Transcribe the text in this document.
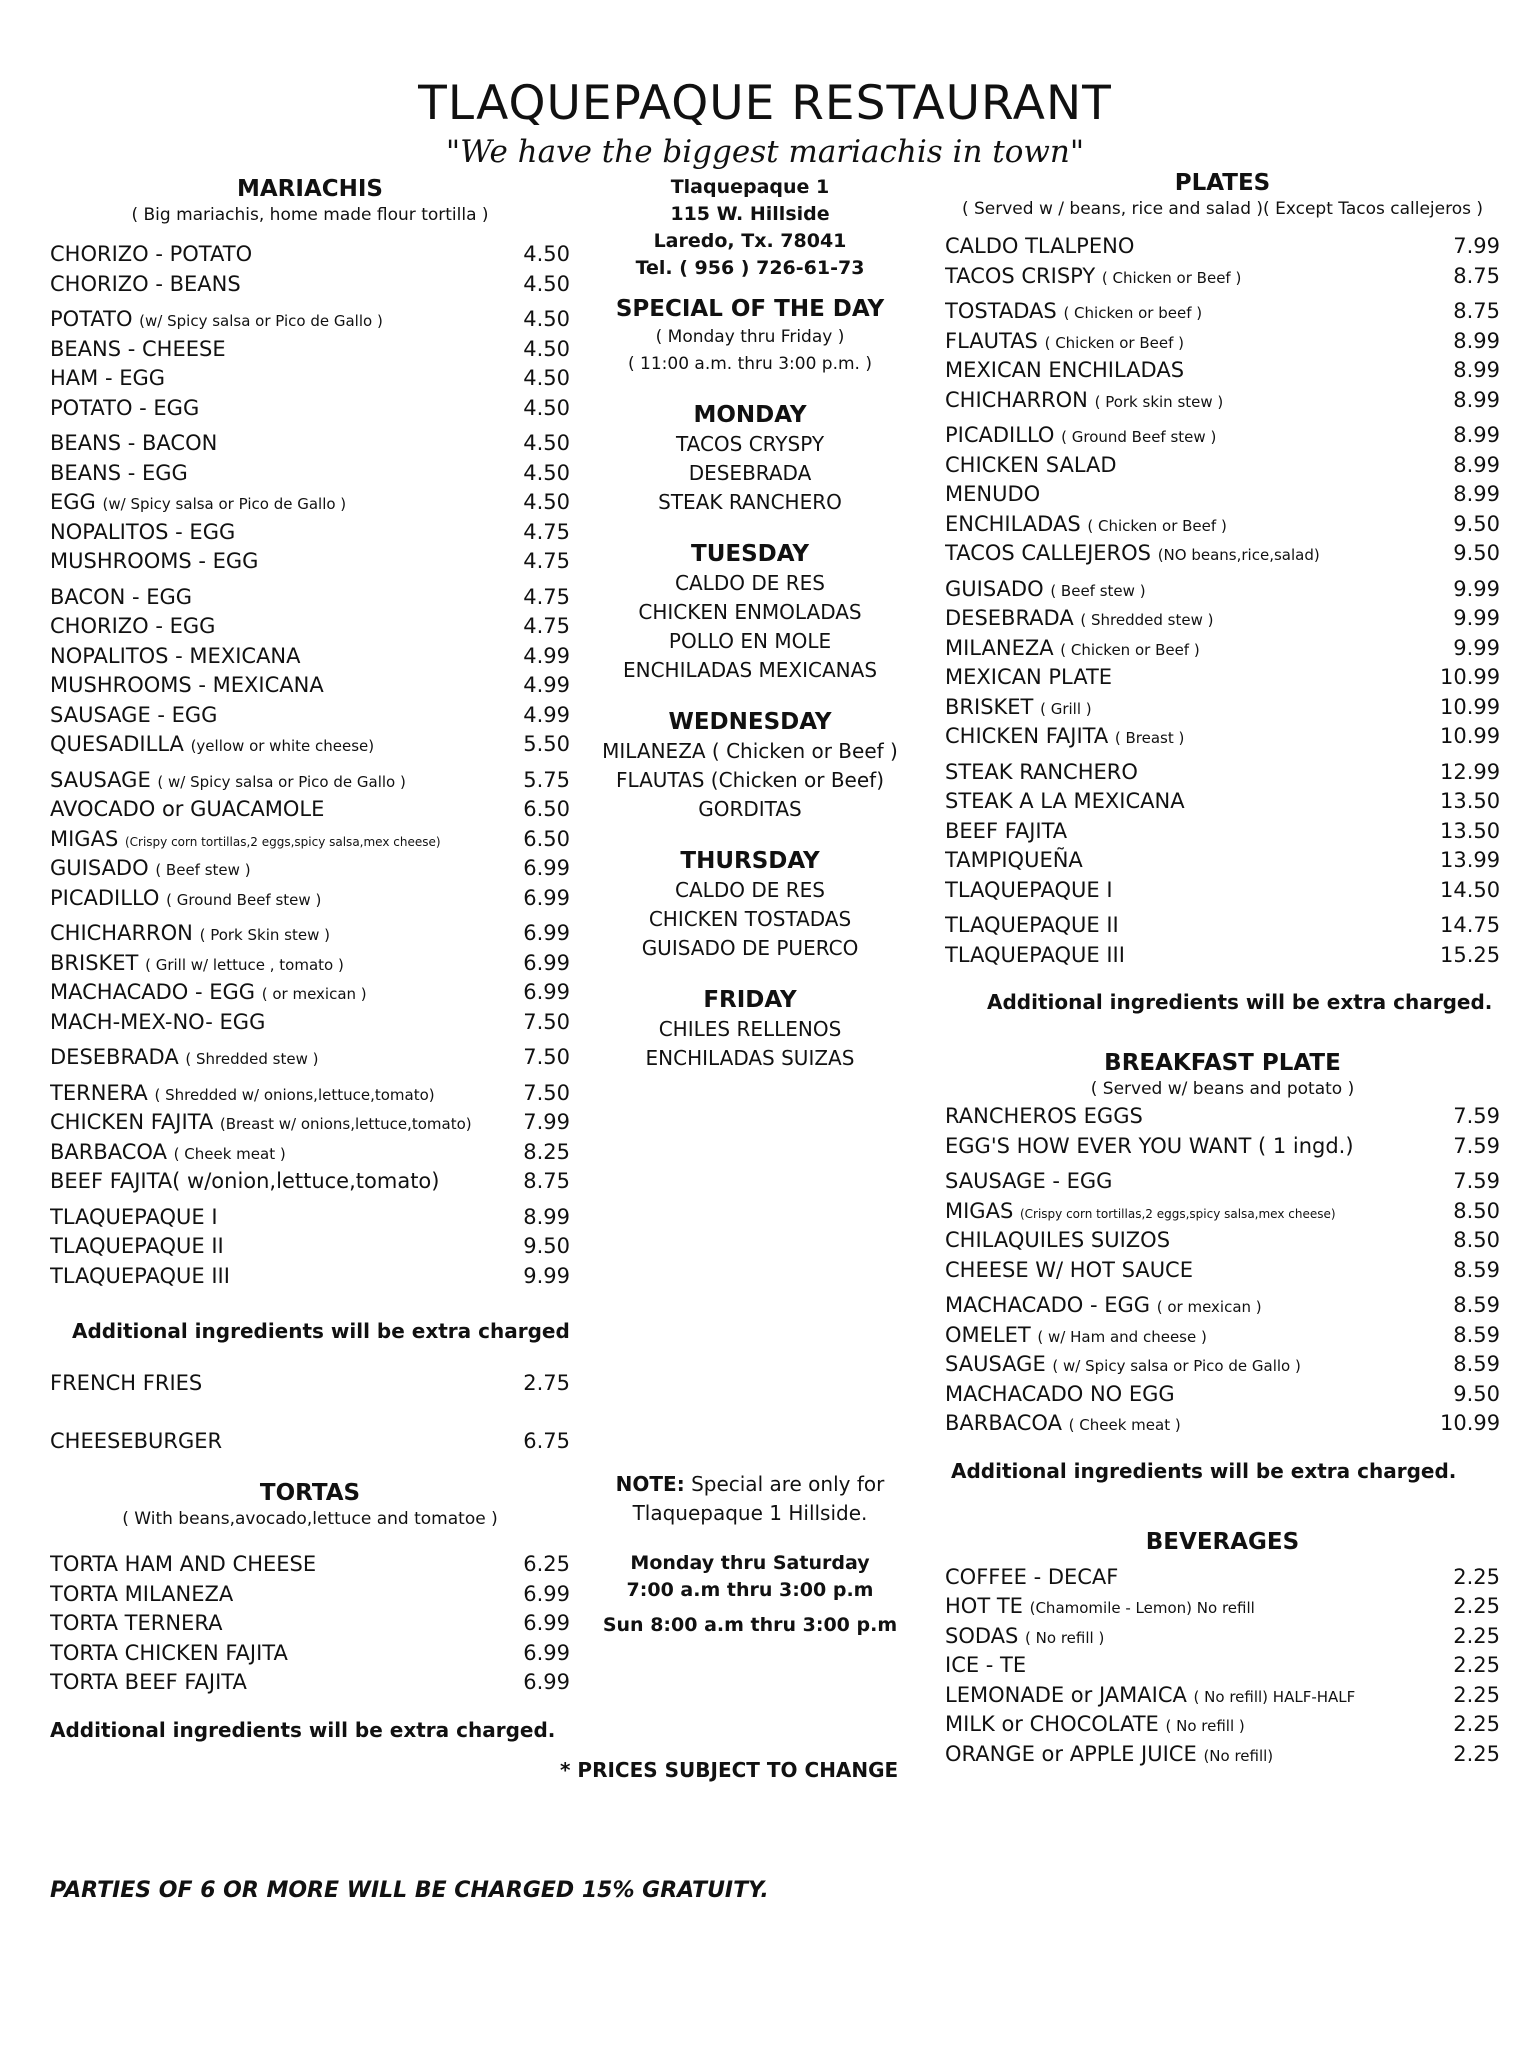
TLAQUEPAQUE RESTAURANT
"We have the biggest mariachis in town"
MARIACHIS
( Big mariachis, home made flour tortilla )
CHORIZO - POTATO	4.50
CHORIZO - BEANS	4.50
POTATO (w/ Spicy salsa or Pico de Gallo )	4.50
BEANS - CHEESE	4.50
HAM - EGG	4.50
POTATO - EGG	4.50
BEANS - BACON	4.50
BEANS - EGG	4.50
EGG (w/ Spicy salsa or Pico de Gallo )	4.50
NOPALITOS - EGG	4.75
MUSHROOMS - EGG	4.75
BACON - EGG	4.75
CHORIZO - EGG	4.75
NOPALITOS - MEXICANA	4.99
MUSHROOMS - MEXICANA	4.99
SAUSAGE - EGG	4.99
QUESADILLA (yellow or white cheese)	5.50
SAUSAGE ( w/ Spicy salsa or Pico de Gallo )	5.75
AVOCADO or GUACAMOLE	6.50
MIGAS (Crispy corn tortillas,2 eggs,spicy salsa,mex cheese)	6.50
GUISADO ( Beef stew )	6.99
PICADILLO ( Ground Beef stew )	6.99
CHICHARRON ( Pork Skin stew )	6.99
BRISKET ( Grill w/ lettuce , tomato )	6.99
MACHACADO - EGG ( or mexican )	6.99
MACH-MEX-NO- EGG	7.50
DESEBRADA ( Shredded stew )	7.50
TERNERA ( Shredded w/ onions,lettuce,tomato)	7.50
CHICKEN FAJITA (Breast w/ onions,lettuce,tomato)	7.99
BARBACOA ( Cheek meat )	8.25
BEEF FAJITA( w/onion,lettuce,tomato)	8.75
TLAQUEPAQUE I	8.99
TLAQUEPAQUE II	9.50
TLAQUEPAQUE III	9.99
Additional ingredients will be extra charged
FRENCH FRIES	2.75
CHEESEBURGER	6.75
TORTAS
( With beans,avocado,lettuce and tomatoe )
TORTA HAM AND CHEESE	6.25
TORTA MILANEZA	6.99
TORTA TERNERA	6.99
TORTA CHICKEN FAJITA	6.99
TORTA BEEF FAJITA	6.99
Additional ingredients will be extra charged.
Tlaquepaque 1
115 W. Hillside
Laredo, Tx. 78041
Tel. ( 956 ) 726-61-73
SPECIAL OF THE DAY
( Monday thru Friday )
( 11:00 a.m. thru 3:00 p.m. )
MONDAY
TACOS CRYSPY
DESEBRADA
STEAK RANCHERO
TUESDAY
CALDO DE RES
CHICKEN ENMOLADAS
POLLO EN MOLE
ENCHILADAS MEXICANAS
WEDNESDAY
MILANEZA ( Chicken or Beef )
FLAUTAS (Chicken or Beef)
GORDITAS
THURSDAY
CALDO DE RES
CHICKEN TOSTADAS
GUISADO DE PUERCO
FRIDAY
CHILES RELLENOS
ENCHILADAS SUIZAS
NOTE: Special are only for
Tlaquepaque 1 Hillside.
Monday thru Saturday
7:00 a.m thru 3:00 p.m
Sun 8:00 a.m thru 3:00 p.m
* PRICES SUBJECT TO CHANGE
PLATES
( Served w / beans, rice and salad )( Except Tacos callejeros )
CALDO TLALPENO	7.99
TACOS CRISPY ( Chicken or Beef )	8.75
TOSTADAS ( Chicken or beef )	8.75
FLAUTAS ( Chicken or Beef )	8.99
MEXICAN ENCHILADAS	8.99
CHICHARRON ( Pork skin stew )	8.99
PICADILLO ( Ground Beef stew )	8.99
CHICKEN SALAD	8.99
MENUDO	8.99
ENCHILADAS ( Chicken or Beef )	9.50
TACOS CALLEJEROS (NO beans,rice,salad)	9.50
GUISADO ( Beef stew )	9.99
DESEBRADA ( Shredded stew )	9.99
MILANEZA ( Chicken or Beef )	9.99
MEXICAN PLATE	10.99
BRISKET ( Grill )	10.99
CHICKEN FAJITA ( Breast )	10.99
STEAK RANCHERO	12.99
STEAK A LA MEXICANA	13.50
BEEF FAJITA	13.50
TAMPIQUEÑA	13.99
TLAQUEPAQUE I	14.50
TLAQUEPAQUE II	14.75
TLAQUEPAQUE III	15.25
Additional ingredients will be extra charged.
BREAKFAST PLATE
( Served w/ beans and potato )
RANCHEROS EGGS	7.59
EGG'S HOW EVER YOU WANT ( 1 ingd.)	7.59
SAUSAGE - EGG	7.59
MIGAS (Crispy corn tortillas,2 eggs,spicy salsa,mex cheese)	8.50
CHILAQUILES SUIZOS	8.50
CHEESE W/ HOT SAUCE	8.59
MACHACADO - EGG ( or mexican )	8.59
OMELET ( w/ Ham and cheese )	8.59
SAUSAGE ( w/ Spicy salsa or Pico de Gallo )	8.59
MACHACADO NO EGG	9.50
BARBACOA ( Cheek meat )	10.99
Additional ingredients will be extra charged.
BEVERAGES
COFFEE - DECAF	2.25
HOT TE (Chamomile - Lemon) No refill	2.25
SODAS ( No refill )	2.25
ICE - TE	2.25
LEMONADE or JAMAICA ( No refill) HALF-HALF	2.25
MILK or CHOCOLATE ( No refill )	2.25
ORANGE or APPLE JUICE (No refill)	2.25
PARTIES OF 6 OR MORE WILL BE CHARGED 15% GRATUITY.
